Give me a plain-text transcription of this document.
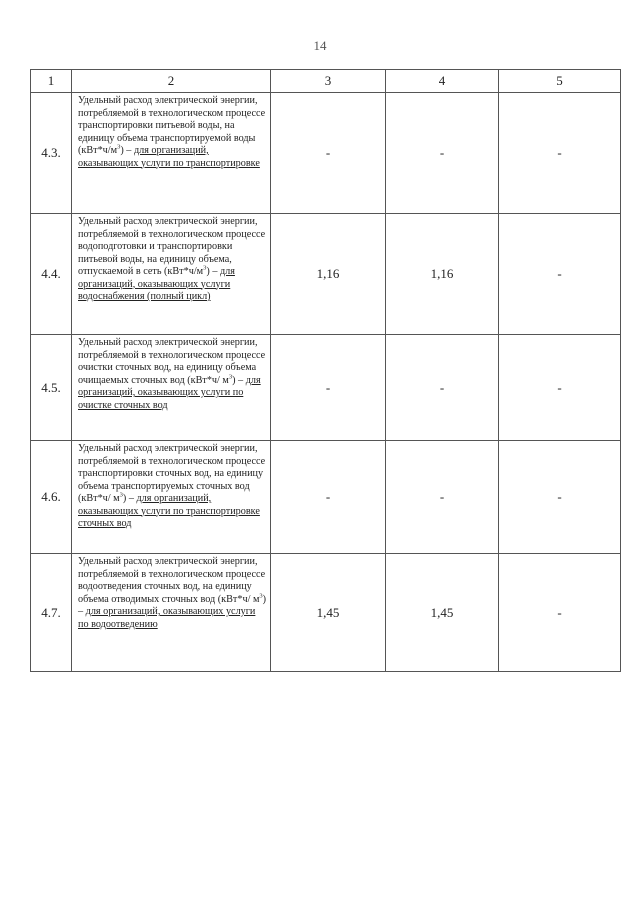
14
1	2	3	4	5
4.3.	Удельный расход электрической энергии, потребляемой в технологическом процессе транспортировки питьевой воды, на единицу объема транспортируемой воды $(кВт*ч/м^3)$ – для организаций, оказывающих услуги по транспортировке	-	-	-
4.4.	Удельный расход электрической энергии, потребляемой в технологическом процессе водоподготовки и транспортировки питьевой воды, на единицу объема, отпускаемой в сеть $(кВт*ч/м^3)$ – для организаций, оказывающих услуги водоснабжения (полный цикл)	1,16	1,16	-
4.5.	Удельный расход электрической энергии, потребляемой в технологическом процессе очистки сточных вод, на единицу объема очищаемых сточных вод (кВт*ч/ $м^3$) – для организаций, оказывающих услуги по очистке сточных вод	-	-	-
4.6.	Удельный расход электрической энергии, потребляемой в технологическом процессе транспортировки сточных вод, на единицу объема транспортируемых сточных вод (кВт*ч/ $м^3$) – для организаций, оказывающих услуги по транспортировке сточных вод	-	-	-
4.7.	Удельный расход электрической энергии, потребляемой в технологическом процессе водоотведения сточных вод, на единицу объема отводимых сточных вод (кВт*ч/ $м^3$) – для организаций, оказывающих услуги по водоотведению	1,45	1,45	-
